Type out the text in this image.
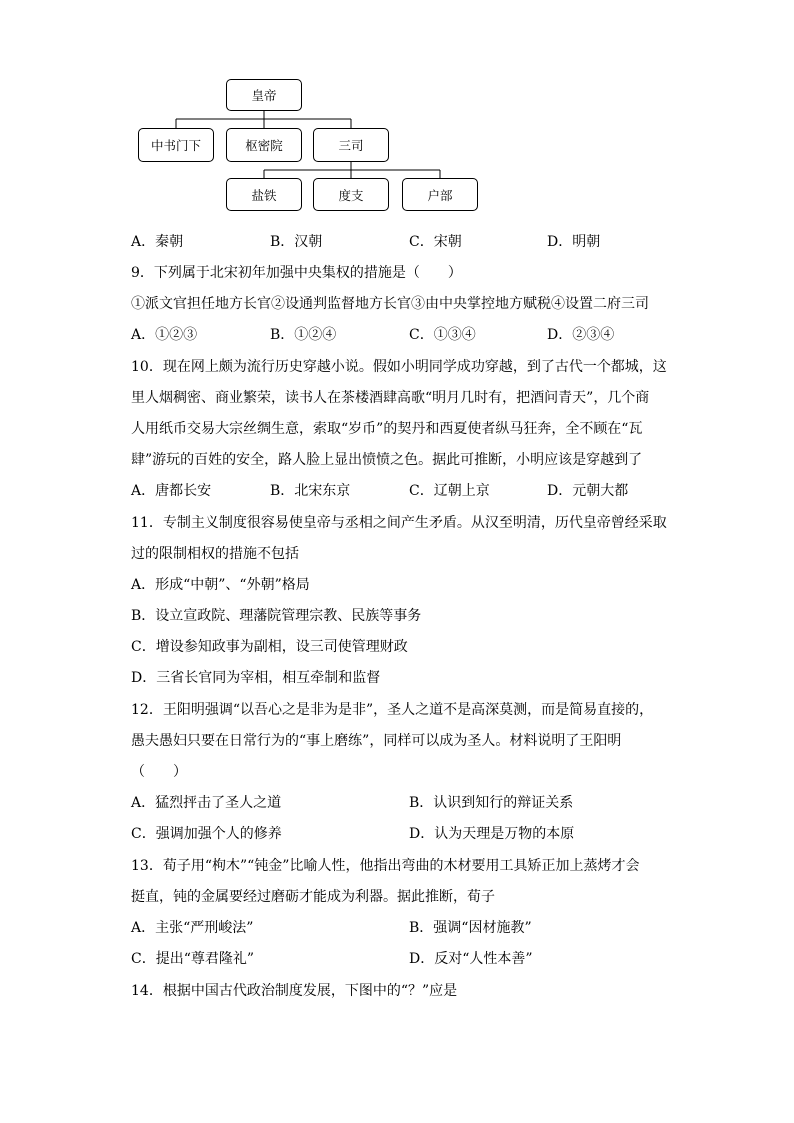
皇帝
中书门下	枢密院	三司
盐铁	度支	户部
A．秦朝	B．汉朝	C．宋朝	D．明朝
9．下列属于北宋初年加强中央集权的措施是（　　）
①派文官担任地方长官②设通判监督地方长官③由中央掌控地方赋税④设置二府三司
A．①②③	B．①②④	C．①③④	D．②③④
10．现在网上颇为流行历史穿越小说。假如小明同学成功穿越，到了古代一个都城，这
里人烟稠密、商业繁荣，读书人在茶楼酒肆高歌“明月几时有，把酒问青天”，几个商
人用纸币交易大宗丝绸生意，索取“岁币”的契丹和西夏使者纵马狂奔，全不顾在“瓦
肆”游玩的百姓的安全，路人脸上显出愤愤之色。据此可推断，小明应该是穿越到了
A．唐都长安	B．北宋东京	C．辽朝上京	D．元朝大都
11．专制主义制度很容易使皇帝与丞相之间产生矛盾。从汉至明清，历代皇帝曾经采取
过的限制相权的措施不包括
A．形成“中朝”、“外朝”格局
B．设立宣政院、理藩院管理宗教、民族等事务
C．增设参知政事为副相，设三司使管理财政
D．三省长官同为宰相，相互牵制和监督
12．王阳明强调“以吾心之是非为是非”，圣人之道不是高深莫测，而是简易直接的，
愚夫愚妇只要在日常行为的“事上磨练”，同样可以成为圣人。材料说明了王阳明
（　　）
A．猛烈抨击了圣人之道	B．认识到知行的辩证关系
C．强调加强个人的修养	D．认为天理是万物的本原
13．荀子用“枸木”“钝金”比喻人性，他指出弯曲的木材要用工具矫正加上蒸烤才会
挺直，钝的金属要经过磨砺才能成为利器。据此推断，荀子
A．主张“严刑峻法”	B．强调“因材施教”
C．提出“尊君隆礼”	D．反对“人性本善”
14．根据中国古代政治制度发展，下图中的“？”应是
